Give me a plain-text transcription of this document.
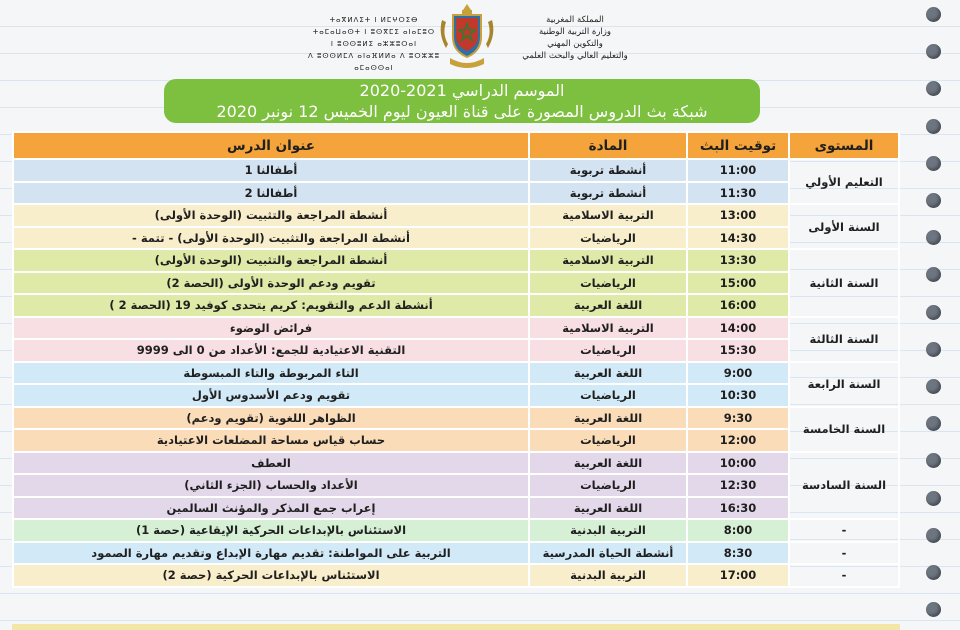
ⵜⴰⴳⵍⴷⵉⵜ ⵏ ⵍⵎⵖⵔⵉⴱ
ⵜⴰⵎⴰⵡⴰⵙⵜ ⵏ ⵓⵙⴳⵎⵉ ⴰⵏⴰⵎⵓⵔ
ⵏ ⵓⵙⵙⵓⵍⵉ ⴰⵣⵣⵓⵔⴰⵏ
ⴷ ⵓⵙⵙⵍⵎⴷ ⴰⵏⴰⴼⵍⵍⴰ ⴷ ⵓⵔⵣⵣⵓ ⴰⵎⴰⵙⵙⴰⵏ
المملكة المغربية
وزارة التربية الوطنية
والتكوين المهني
والتعليم العالي والبحث العلمي
الموسم الدراسي 2021-2020
شبكة بث الدروس المصورة على قناة العيون ليوم الخميس 12 نونبر 2020
المستوى	توقيت البث	المادة	عنوان الدرس
التعليم الأولي	11:00	أنشطة تربوية	أطفالنا 1
	11:30	أنشطة تربوية	أطفالنا 2
السنة الأولى	13:00	التربية الاسلامية	أنشطة المراجعة والتثبيت (الوحدة الأولى)
	14:30	الرياضيات	أنشطة المراجعة والتثبيت (الوحدة الأولى) - تتمة -
السنة الثانية	13:30	التربية الاسلامية	أنشطة المراجعة والتثبيت (الوحدة الأولى)
	15:00	الرياضيات	تقويم ودعم الوحدة الأولى (الحصة 2)
	16:00	اللغة العربية	أنشطة الدعم والتقويم: كريم يتحدى كوفيد 19 (الحصة 2 )
السنة الثالثة	14:00	التربية الاسلامية	فرائض الوضوء
	15:30	الرياضيات	التقنية الاعتيادية للجمع: الأعداد من 0 الى 9999
السنة الرابعة	9:00	اللغة العربية	التاء المربوطة والتاء المبسوطة
	10:30	الرياضيات	تقويم ودعم الأسدوس الأول
السنة الخامسة	9:30	اللغة العربية	الظواهر اللغوية (تقويم ودعم)
	12:00	الرياضيات	حساب قياس مساحة المضلعات الاعتيادية
السنة السادسة	10:00	اللغة العربية	العطف
	12:30	الرياضيات	الأعداد والحساب (الجزء الثاني)
	16:30	اللغة العربية	إعراب جمع المذكر والمؤنث السالمين
-	8:00	التربية البدنية	الاستئناس بالإبداعات الحركية الإيقاعية (حصة 1)
-	8:30	أنشطة الحياة المدرسية	التربية على المواطنة: تقديم مهارة الإبداع وتقديم مهارة الصمود
-	17:00	التربية البدنية	الاستئناس بالإبداعات الحركية (حصة 2)
